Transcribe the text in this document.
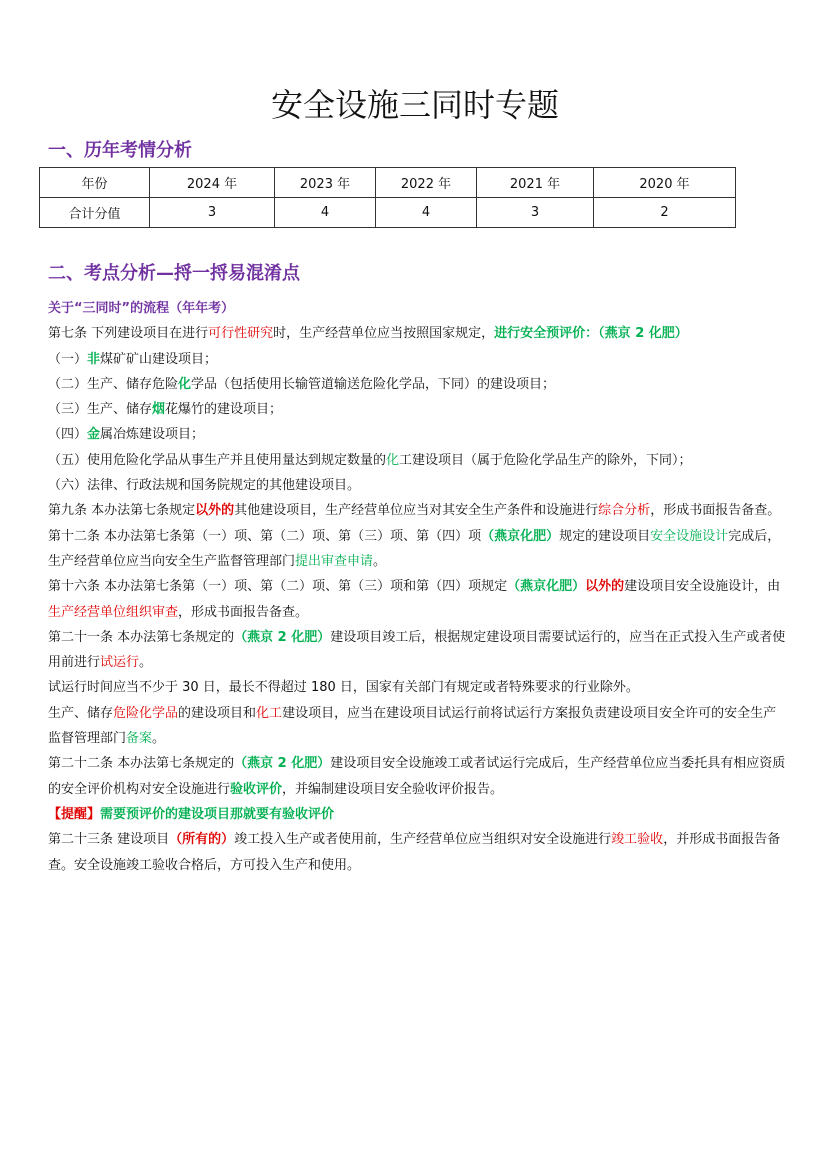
安全设施三同时专题
一、历年考情分析
年份	2024 年	2023 年	2022 年	2021 年	2020 年
合计分值	3	4	4	3	2
二、考点分析—捋一捋易混淆点

关于“三同时”的流程（年年考）

第七条 下列建设项目在进行可行性研究时，生产经营单位应当按照国家规定，进行安全预评价：（燕京 2 化肥）

（一）非煤矿矿山建设项目；

（二）生产、储存危险化学品（包括使用长输管道输送危险化学品，下同）的建设项目；

（三）生产、储存烟花爆竹的建设项目；

（四）金属冶炼建设项目；

（五）使用危险化学品从事生产并且使用量达到规定数量的化工建设项目（属于危险化学品生产的除外，下同）；

（六）法律、行政法规和国务院规定的其他建设项目。

第九条 本办法第七条规定以外的其他建设项目，生产经营单位应当对其安全生产条件和设施进行综合分析，形成书面报告备查。

第十二条 本办法第七条第（一）项、第（二）项、第（三）项、第（四）项（燕京化肥）规定的建设项目安全设施设计完成后，生产经营单位应当向安全生产监督管理部门提出审查申请。

第十六条 本办法第七条第（一）项、第（二）项、第（三）项和第（四）项规定（燕京化肥）以外的建设项目安全设施设计，由生产经营单位组织审查，形成书面报告备查。

第二十一条 本办法第七条规定的（燕京 2 化肥）建设项目竣工后，根据规定建设项目需要试运行的，应当在正式投入生产或者使用前进行试运行。

试运行时间应当不少于 30 日，最长不得超过 180 日，国家有关部门有规定或者特殊要求的行业除外。

生产、储存危险化学品的建设项目和化工建设项目，应当在建设项目试运行前将试运行方案报负责建设项目安全许可的安全生产监督管理部门备案。

第二十二条 本办法第七条规定的（燕京 2 化肥）建设项目安全设施竣工或者试运行完成后，生产经营单位应当委托具有相应资质的安全评价机构对安全设施进行验收评价，并编制建设项目安全验收评价报告。

【提醒】需要预评价的建设项目那就要有验收评价

第二十三条 建设项目（所有的）竣工投入生产或者使用前，生产经营单位应当组织对安全设施进行竣工验收，并形成书面报告备查。安全设施竣工验收合格后，方可投入生产和使用。
